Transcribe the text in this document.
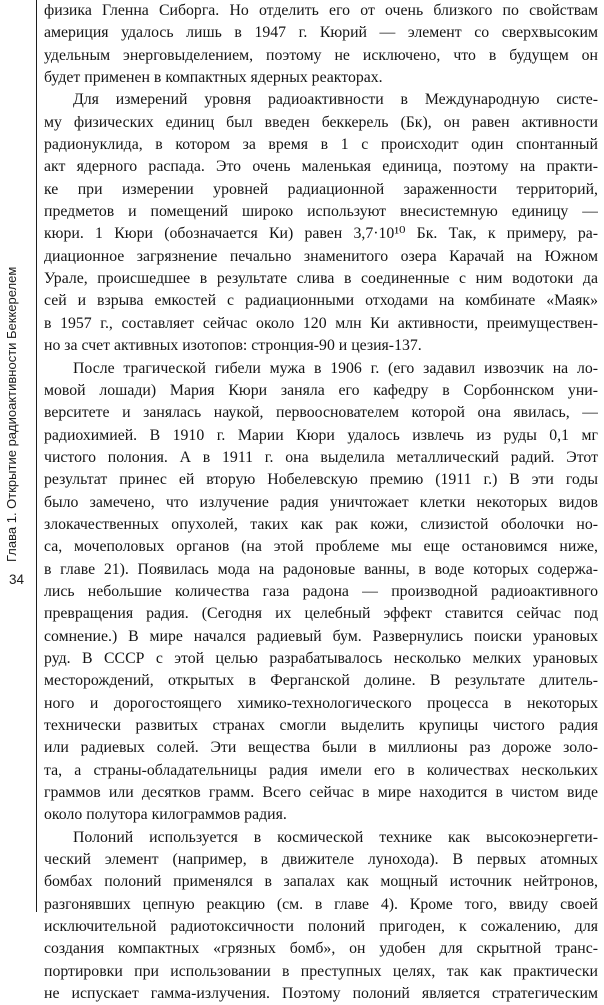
Глава 1. Открытие радиоактивности Беккерелем
34
физика Гленна Сиборга. Но отделить его от очень близкого по свойствам
америция удалось лишь в 1947 г. Кюрий — элемент со сверхвысоким
удельным энерговыделением, поэтому не исключено, что в будущем он
будет применен в компактных ядерных реакторах.
Для измерений уровня радиоактивности в Международную систе-
му физических единиц был введен беккерель (Бк), он равен активности
радионуклида, в котором за время в 1 с происходит один спонтанный
акт ядерного распада. Это очень маленькая единица, поэтому на практи-
ке при измерении уровней радиационной зараженности территорий,
предметов и помещений широко используют внесистемную единицу —
кюри. 1 Кюри (обозначается Ки) равен 3,7·10¹⁰ Бк. Так, к примеру, ра-
диационное загрязнение печально знаменитого озера Карачай на Южном
Урале, происшедшее в результате слива в соединенные с ним водотоки да
сей и взрыва емкостей с радиационными отходами на комбинате «Маяк»
в 1957 г., составляет сейчас около 120 млн Ки активности, преимуществен-
но за счет активных изотопов: стронция-90 и цезия-137.
После трагической гибели мужа в 1906 г. (его задавил извозчик на ло-
мовой лошади) Мария Кюри заняла его кафедру в Сорбоннском уни-
верситете и занялась наукой, первооснователем которой она явилась, —
радиохимией. В 1910 г. Марии Кюри удалось извлечь из руды 0,1 мг
чистого полония. А в 1911 г. она выделила металлический радий. Этот
результат принес ей вторую Нобелевскую премию (1911 г.) В эти годы
было замечено, что излучение радия уничтожает клетки некоторых видов
злокачественных опухолей, таких как рак кожи, слизистой оболочки но-
са, мочеполовых органов (на этой проблеме мы еще остановимся ниже,
в главе 21). Появилась мода на радоновые ванны, в воде которых содержа-
лись небольшие количества газа радона — производной радиоактивного
превращения радия. (Сегодня их целебный эффект ставится сейчас под
сомнение.) В мире начался радиевый бум. Развернулись поиски урановых
руд. В СССР с этой целью разрабатывалось несколько мелких урановых
месторождений, открытых в Ферганской долине. В результате длитель-
ного и дорогостоящего химико-технологического процесса в некоторых
технически развитых странах смогли выделить крупицы чистого радия
или радиевых солей. Эти вещества были в миллионы раз дороже золо-
та, а страны-обладательницы радия имели его в количествах нескольких
граммов или десятков грамм. Всего сейчас в мире находится в чистом виде
около полутора килограммов радия.
Полоний используется в космической технике как высокоэнергети-
ческий элемент (например, в движителе лунохода). В первых атомных
бомбах полоний применялся в запалах как мощный источник нейтронов,
разгонявших цепную реакцию (см. в главе 4). Кроме того, ввиду своей
исключительной радиотоксичности полоний пригоден, к сожалению, для
создания компактных «грязных бомб», он удобен для скрытной транс-
портировки при использовании в преступных целях, так как практически
не испускает гамма-излучения. Поэтому полоний является стратегическим
